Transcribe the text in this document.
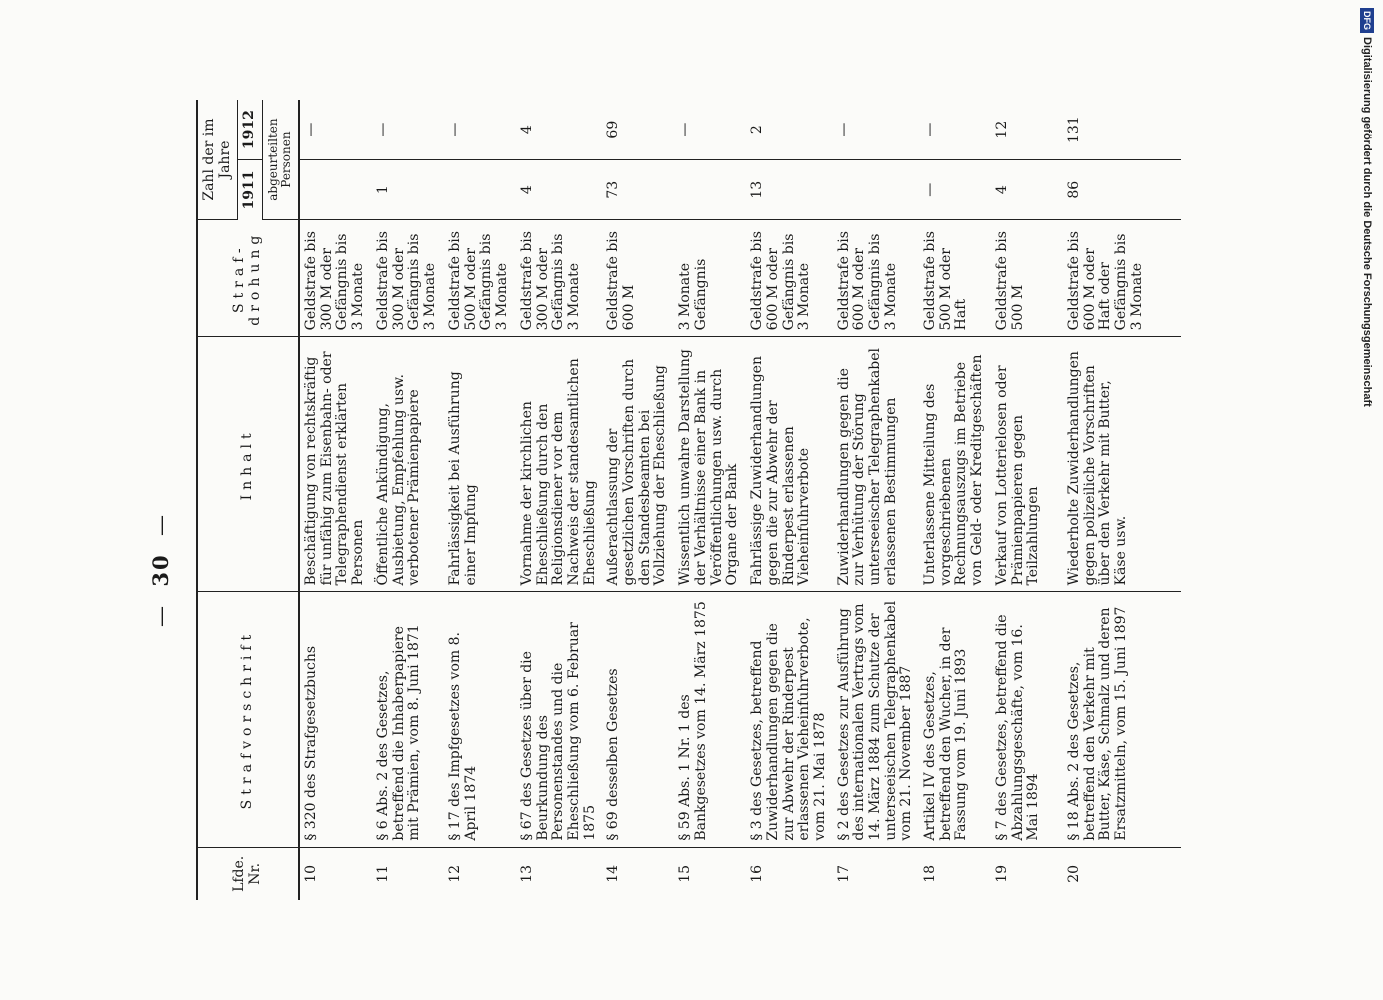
—  30  —
Lfde. Nr.	Strafvorschrift	Inhalt	Straf- drohung	Zahl der im Jahre	
				1911	1912
				abgeurteilten Personen	
10	§ 320 des Strafgesetzbuchs	Beschäftigung von rechtskräftig für unfähig zum Eisenbahn- oder Telegraphendienst erklärten Personen	Geldstrafe bis 300 M oder Gefängnis bis 3 Monate		—
11	§ 6 Abs. 2 des Gesetzes, betreffend die Inhaberpapiere mit Prämien, vom 8. Juni 1871	Öffentliche Ankündigung, Ausbietung, Empfehlung usw. verbotener Prämienpapiere	Geldstrafe bis 300 M oder Gefängnis bis 3 Monate	1	—
12	§ 17 des Impfgesetzes vom 8. April 1874	Fahrlässigkeit bei Ausführung einer Impfung	Geldstrafe bis 500 M oder Gefängnis bis 3 Monate		—
13	§ 67 des Gesetzes über die Beurkundung des Personenstandes und die Eheschließung vom 6. Februar 1875	Vornahme der kirchlichen Eheschließung durch den Religionsdiener vor dem Nachweis der standesamtlichen Eheschließung	Geldstrafe bis 300 M oder Gefängnis bis 3 Monate	4	4
14	§ 69 desselben Gesetzes	Außerachtlassung der gesetzlichen Vorschriften durch den Standesbeamten bei Vollziehung der Eheschließung	Geldstrafe bis 600 M	73	69
15	§ 59 Abs. 1 Nr. 1 des Bankgesetzes vom 14. März 1875	Wissentlich unwahre Darstellung der Verhältnisse einer Bank in Veröffentlichungen usw. durch Organe der Bank	3 Monate Gefängnis		—
16	§ 3 des Gesetzes, betreffend Zuwiderhandlungen gegen die zur Abwehr der Rinderpest erlassenen Vieheinfuhrverbote, vom 21. Mai 1878	Fahrlässige Zuwiderhandlungen gegen die zur Abwehr der Rinderpest erlassenen Vieheinfuhrverbote	Geldstrafe bis 600 M oder Gefängnis bis 3 Monate	13	2
17	§ 2 des Gesetzes zur Ausführung des internationalen Vertrags vom 14. März 1884 zum Schutze der unterseeischen Telegraphenkabel vom 21. November 1887	Zuwiderhandlungen gegen die zur Verhütung der Störung unterseeischer Telegraphenkabel erlassenen Bestimmungen	Geldstrafe bis 600 M oder Gefängnis bis 3 Monate		—
18	Artikel IV des Gesetzes, betreffend den Wucher, in der Fassung vom 19. Juni 1893	Unterlassene Mitteilung des vorgeschriebenen Rechnungsauszugs im Betriebe von Geld- oder Kreditgeschäften	Geldstrafe bis 500 M oder Haft	—	—
19	§ 7 des Gesetzes, betreffend die Abzahlungsgeschäfte, vom 16. Mai 1894	Verkauf von Lotterielosen oder Prämienpapieren gegen Teilzahlungen	Geldstrafe bis 500 M	4	12
20	§ 18 Abs. 2 des Gesetzes, betreffend den Verkehr mit Butter, Käse, Schmalz und deren Ersatzmitteln, vom 15. Juni 1897	Wiederholte Zuwiderhandlungen gegen polizeiliche Vorschriften über den Verkehr mit Butter, Käse usw.	Geldstrafe bis 600 M oder Haft oder Gefängnis bis 3 Monate	86	131
DFG
Digitalisierung gefördert durch die Deutsche Forschungsgemeinschaft
